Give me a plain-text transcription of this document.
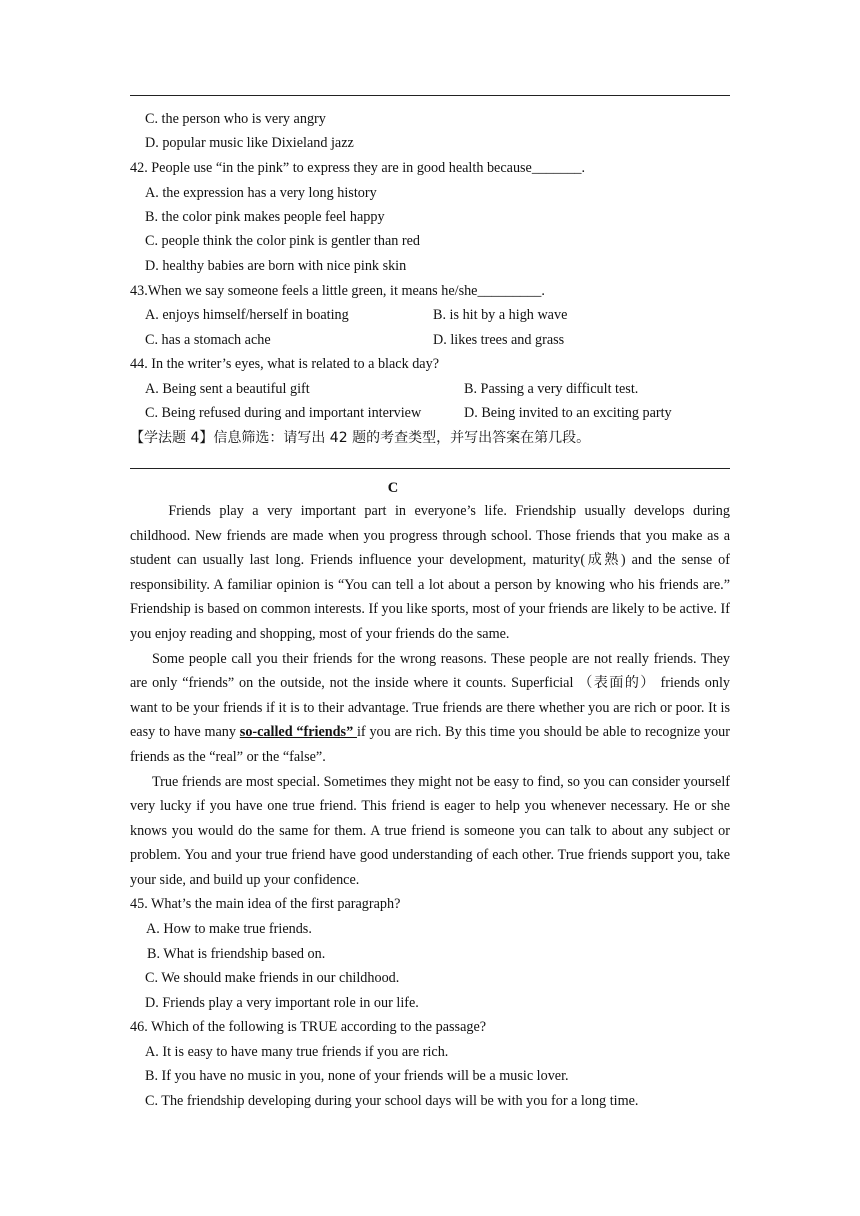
C. the person who is very angry
D. popular music like Dixieland jazz
42. People use “in the pink” to express they are in good health because_______.
A. the expression has a very long history
B. the color pink makes people feel happy
C. people think the color pink is gentler than red
D. healthy babies are born with nice pink skin
43.When we say someone feels a little green, it means he/she_________.
A. enjoys himself/herself in boating	B. is hit by a high wave
C. has a stomach ache	D. likes trees and grass
44. In the writer’s eyes, what is related to a black day?
A. Being sent a beautiful gift	B. Passing a very difficult test.
C. Being refused during and important interview	D. Being invited to an exciting party
【学法题 4】信息筛选：请写出 42 题的考查类型，并写出答案在第几段。
C

Friends play a very important part in everyone’s life. Friendship usually develops during childhood. New friends are made when you progress through school. Those friends that you make as a student can usually last long. Friends influence your development, maturity(成熟) and the sense of responsibility. A familiar opinion is “You can tell a lot about a person by knowing who his friends are.” Friendship is based on common interests. If you like sports, most of your friends are likely to be active. If you enjoy reading and shopping, most of your friends do the same.

Some people call you their friends for the wrong reasons. These people are not really friends. They are only “friends” on the outside, not the inside where it counts. Superficial （表面的） friends only want to be your friends if it is to their advantage. True friends are there whether you are rich or poor. It is easy to have many so-called “friends” if you are rich. By this time you should be able to recognize your friends as the “real” or the “false”.

True friends are most special. Sometimes they might not be easy to find, so you can consider yourself very lucky if you have one true friend. This friend is eager to help you whenever necessary. He or she knows you would do the same for them. A true friend is someone you can talk to about any subject or problem. You and your true friend have good understanding of each other. True friends support you, take your side, and build up your confidence.

45. What’s the main idea of the first paragraph?
A. How to make true friends.
B. What is friendship based on.
C. We should make friends in our childhood.
D. Friends play a very important role in our life.
46. Which of the following is TRUE according to the passage?
A. It is easy to have many true friends if you are rich.
B. If you have no music in you, none of your friends will be a music lover.
C. The friendship developing during your school days will be with you for a long time.
